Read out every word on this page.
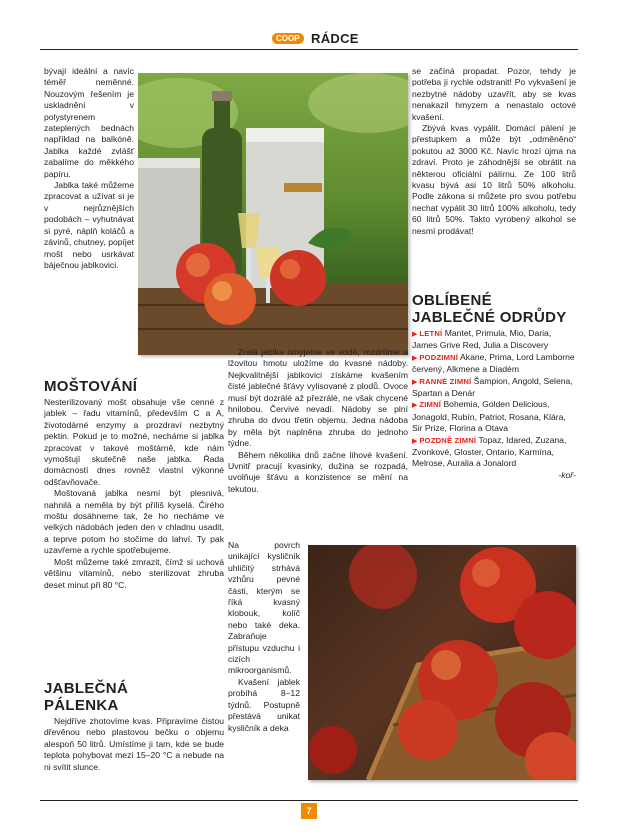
COOP RÁDCE

bývají ideální a navíc téměř neměnné. Nouzovým řešením je uskladnění v polystyrenem zateplených bednách například na balkóně. Jablka každé zvlášť zabalíme do měkkého papíru.

Jablka také můžeme zpracovat a užívat si je v nejrůznějších podobách – vyhutnávat si pyré, náplň koláčů a závinů, chutney, popíjet mošt nebo usrkávat báječnou jablkovici.

MOŠTOVÁNÍ

Nesterilizovaný mošt obsahuje vše cenné z jablek – řadu vitamínů, především C a A, životodárné enzymy a prozdraví nezbytný pektin. Pokud je to možné, necháme si jablka zpracovat v takové moštárně, kde nám vymoštují skutečně naše jablka. Řada domácností dnes rovněž vlastní výkonné odšťavňovače.

Moštovaná jablka nesmí být plesnivá, nahnilá a neměla by být příliš kyselá. Čirého moštu dosáhneme tak, že ho necháme ve velkých nádobách jeden den v chladnu usadit, a teprve potom ho stočíme do lahví. Ty pak uzavřeme a rychle spotřebujeme.

Mošt můžeme také zmrazit, čímž si uchová většinu vitamínů, nebo sterilizovat zhruba deset minut při 80 °C.

JABLEČNÁ
PÁLENKA

Nejdříve zhotovíme kvas. Připravíme čistou dřevěnou nebo plastovou bečku o objemu alespoň 50 litrů. Umístíme ji tam, kde se bude teplota pohybovat mezi 15–20 °C a nebude na ni svítit slunce.

Zralá jablka omyjeme ve vodě, rozdrtíme a lžovitou hmotu uložíme do kvasné nádoby. Nejkvalitnější jablkovici získáme kvašením čisté jablečné šťávy vylisované z plodů. Ovoce musí být dozrálé až přezrálé, ne však chycené hnilobou. Červivé nevadí. Nádoby se plní zhruba do dvou třetin objemu. Jedna nádoba by měla být naplněna zhruba do jednoho týdne.

Během několika dnů začne lihové kvašení. Uvnitř pracují kvasinky, dužina se rozpadá, uvolňuje šťávu a konzistence se mění na tekutou.

Na povrch unikající kysličník uhličitý strhává vzhůru pevné části, kterým se říká kvasný klobouk, kolíč nebo také deka. Zabraňuje přístupu vzduchu i cizích mikroorganismů.

Kvašení jablek probíhá 8–12 týdnů. Postupně přestává unikat kysličník a deka

se začíná propadat. Pozor, tehdy je potřeba ji rychle odstranit! Po vykvašení je nezbytné nádoby uzavřít, aby se kvas nenakazil hmyzem a nenastalo octové kvašení.

Zbývá kvas vypálit. Domácí pálení je přestupkem a může být „odměněno“ pokutou až 3000 Kč. Navíc hrozí újma na zdraví. Proto je záhodnější se obrátit na některou oficiální pálírnu. Ze 100 litrů kvasu bývá asi 10 litrů 50% alkoholu. Podle zákona si můžete pro svou potřebu nechat vypálit 30 litrů 100% alkoholu, tedy 60 litrů 50%. Takto vyrobený alkohol se nesmí prodávat!

OBLÍBENÉ
JABLEČNÉ ODRŮDY

▶ LETNÍ Mantet, Primula, Mio, Daria, James Grive Red, Julia a Discovery

▶ PODZIMNÍ Akane, Prima, Lord Lamborne červený, Alkmene a Diadém

▶ RANNÉ ZIMNÍ Šampion, Angold, Selena, Spartan a Denár

▶ ZIMNÍ Bohemia, Golden Delicious, Jonagold, Rubín, Patriot, Rosana, Klára, Sir Prize, Florina a Otava

▶ POZDNĚ ZIMNÍ Topaz, Idared, Zuzana, Zvonkové, Gloster, Ontario, Karmína, Melrose, Auralia a Jonalord

-koř-

7
